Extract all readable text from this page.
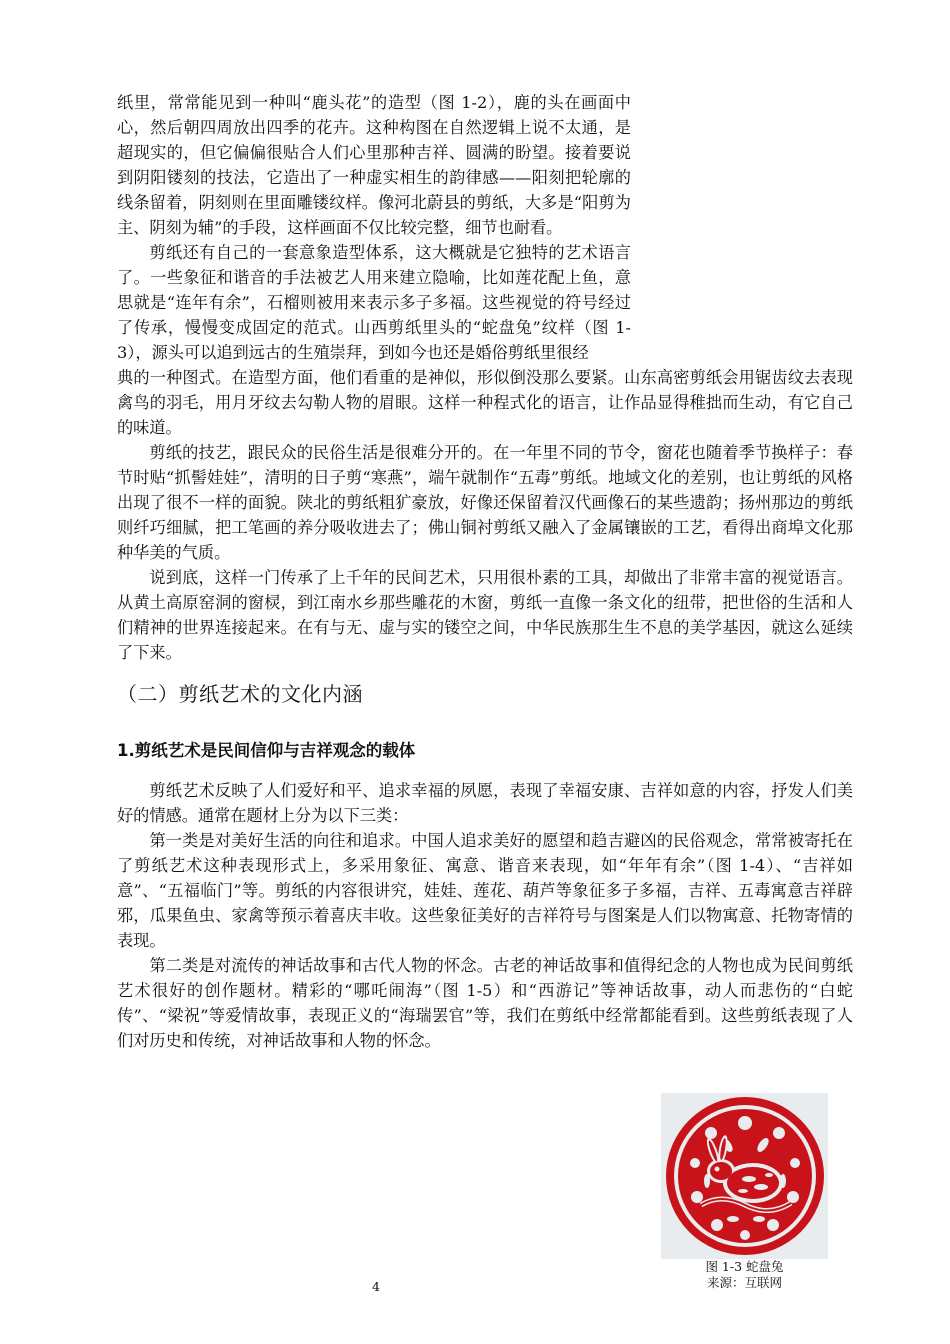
纸里，常常能见到一种叫“鹿头花”的造型（图 1-2），鹿的头在画面中心，然后朝四周放出四季的花卉。这种构图在自然逻辑上说不太通，是超现实的，但它偏偏很贴合人们心里那种吉祥、圆满的盼望。接着要说到阴阳镂刻的技法，它造出了一种虚实相生的韵律感——阳刻把轮廓的线条留着，阴刻则在里面雕镂纹样。像河北蔚县的剪纸，大多是“阳剪为主、阴刻为辅”的手段，这样画面不仅比较完整，细节也耐看。

剪纸还有自己的一套意象造型体系，这大概就是它独特的艺术语言了。一些象征和谐音的手法被艺人用来建立隐喻，比如莲花配上鱼，意思就是“连年有余”，石榴则被用来表示多子多福。这些视觉的符号经过了传承，慢慢变成固定的范式。山西剪纸里头的“蛇盘兔”纹样（图 1-3），源头可以追到远古的生殖崇拜，到如今也还是婚俗剪纸里很经

典的一种图式。在造型方面，他们看重的是神似，形似倒没那么要紧。山东高密剪纸会用锯齿纹去表现禽鸟的羽毛，用月牙纹去勾勒人物的眉眼。这样一种程式化的语言，让作品显得稚拙而生动，有它自己的味道。

剪纸的技艺，跟民众的民俗生活是很难分开的。在一年里不同的节令，窗花也随着季节换样子：春节时贴“抓髻娃娃”，清明的日子剪“寒燕”，端午就制作“五毒”剪纸。地域文化的差别，也让剪纸的风格出现了很不一样的面貌。陕北的剪纸粗犷豪放，好像还保留着汉代画像石的某些遗韵；扬州那边的剪纸则纤巧细腻，把工笔画的养分吸收进去了；佛山铜衬剪纸又融入了金属镶嵌的工艺，看得出商埠文化那种华美的气质。

说到底，这样一门传承了上千年的民间艺术，只用很朴素的工具，却做出了非常丰富的视觉语言。从黄土高原窑洞的窗棂，到江南水乡那些雕花的木窗，剪纸一直像一条文化的纽带，把世俗的生活和人们精神的世界连接起来。在有与无、虚与实的镂空之间，中华民族那生生不息的美学基因，就这么延续了下来。

（二）剪纸艺术的文化内涵
1.剪纸艺术是民间信仰与吉祥观念的载体

剪纸艺术反映了人们爱好和平、追求幸福的夙愿，表现了幸福安康、吉祥如意的内容，抒发人们美好的情感。通常在题材上分为以下三类：

第一类是对美好生活的向往和追求。中国人追求美好的愿望和趋吉避凶的民俗观念，常常被寄托在了剪纸艺术这种表现形式上，多采用象征、寓意、谐音来表现，如“年年有余”（图 1-4）、“吉祥如意”、“五福临门”等。剪纸的内容很讲究，娃娃、莲花、葫芦等象征多子多福，吉祥、五毒寓意吉祥辟邪，瓜果鱼虫、家禽等预示着喜庆丰收。这些象征美好的吉祥符号与图案是人们以物寓意、托物寄情的表现。

第二类是对流传的神话故事和古代人物的怀念。古老的神话故事和值得纪念的人物也成为民间剪纸艺术很好的创作题材。精彩的“哪吒闹海”（图 1-5）和“西游记”等神话故事，动人而悲伤的“白蛇传”、“梁祝”等爱情故事，表现正义的“海瑞罢官”等，我们在剪纸中经常都能看到。这些剪纸表现了人们对历史和传统，对神话故事和人物的怀念。

图 1-3 蛇盘兔

来源：互联网

4
